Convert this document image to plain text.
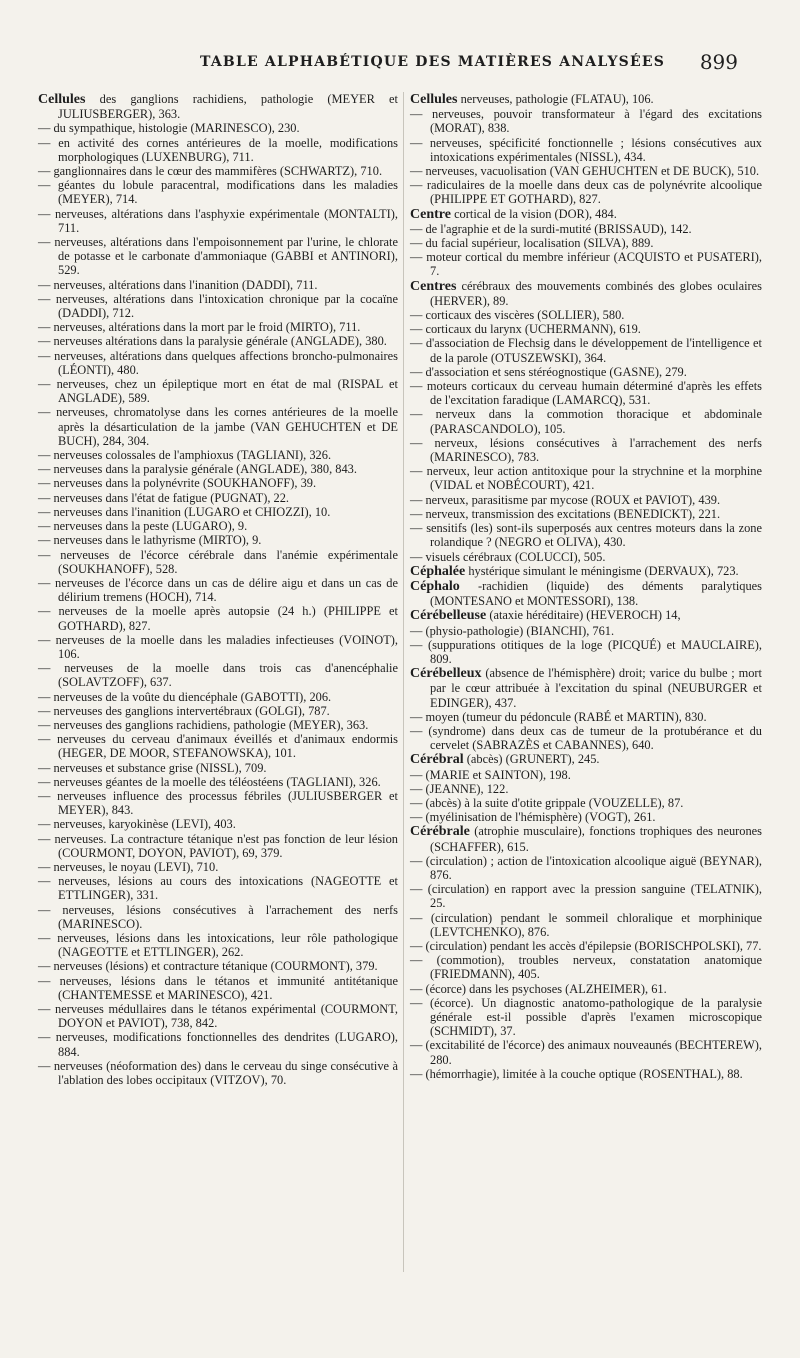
TABLE ALPHABÉTIQUE DES MATIÈRES ANALYSÉES 899

Cellules des ganglions rachidiens, pathologie (MEYER et JULIUSBERGER), 363.

— du sympathique, histologie (MARINESCO), 230.

— en activité des cornes antérieures de la moelle, modifications morphologiques (LUXENBURG), 711.

— ganglionnaires dans le cœur des mammifères (SCHWARTZ), 710.

— géantes du lobule paracentral, modifications dans les maladies (MEYER), 714.

— nerveuses, altérations dans l'asphyxie expérimentale (MONTALTI), 711.

— nerveuses, altérations dans l'empoisonnement par l'urine, le chlorate de potasse et le carbonate d'ammoniaque (GABBI et ANTINORI), 529.

— nerveuses, altérations dans l'inanition (DADDI), 711.

— nerveuses, altérations dans l'intoxication chronique par la cocaïne (DADDI), 712.

— nerveuses, altérations dans la mort par le froid (MIRTO), 711.

— nerveuses altérations dans la paralysie générale (ANGLADE), 380.

— nerveuses, altérations dans quelques affections broncho-pulmonaires (LÉONTI), 480.

— nerveuses, chez un épileptique mort en état de mal (RISPAL et ANGLADE), 589.

— nerveuses, chromatolyse dans les cornes antérieures de la moelle après la désarticulation de la jambe (VAN GEHUCHTEN et DE BUCH), 284, 304.

— nerveuses colossales de l'amphioxus (TAGLIANI), 326.

— nerveuses dans la paralysie générale (ANGLADE), 380, 843.

— nerveuses dans la polynévrite (SOUKHANOFF), 39.

— nerveuses dans l'état de fatigue (PUGNAT), 22.

— nerveuses dans l'inanition (LUGARO et CHIOZZI), 10.

— nerveuses dans la peste (LUGARO), 9.

— nerveuses dans le lathyrisme (MIRTO), 9.

— nerveuses de l'écorce cérébrale dans l'anémie expérimentale (SOUKHANOFF), 528.

— nerveuses de l'écorce dans un cas de délire aigu et dans un cas de délirium tremens (HOCH), 714.

— nerveuses de la moelle après autopsie (24 h.) (PHILIPPE et GOTHARD), 827.

— nerveuses de la moelle dans les maladies infectieuses (VOINOT), 106.

— nerveuses de la moelle dans trois cas d'anencéphalie (SOLAVTZOFF), 637.

— nerveuses de la voûte du diencéphale (GABOTTI), 206.

— nerveuses des ganglions intervertébraux (GOLGI), 787.

— nerveuses des ganglions rachidiens, pathologie (MEYER), 363.

— nerveuses du cerveau d'animaux éveillés et d'animaux endormis (HEGER, DE MOOR, STEFANOWSKA), 101.

— nerveuses et substance grise (NISSL), 709.

— nerveuses géantes de la moelle des téléostéens (TAGLIANI), 326.

— nerveuses influence des processus fébriles (JULIUSBERGER et MEYER), 843.

— nerveuses, karyokinèse (LEVI), 403.

— nerveuses. La contracture tétanique n'est pas fonction de leur lésion (COURMONT, DOYON, PAVIOT), 69, 379.

— nerveuses, le noyau (LEVI), 710.

— nerveuses, lésions au cours des intoxications (NAGEOTTE et ETTLINGER), 331.

— nerveuses, lésions consécutives à l'arrachement des nerfs (MARINESCO).

— nerveuses, lésions dans les intoxications, leur rôle pathologique (NAGEOTTE et ETTLINGER), 262.

— nerveuses (lésions) et contracture tétanique (COURMONT), 379.

— nerveuses, lésions dans le tétanos et immunité antitétanique (CHANTEMESSE et MARINESCO), 421.

— nerveuses médullaires dans le tétanos expérimental (COURMONT, DOYON et PAVIOT), 738, 842.

— nerveuses, modifications fonctionnelles des dendrites (LUGARO), 884.

— nerveuses (néoformation des) dans le cerveau du singe consécutive à l'ablation des lobes occipitaux (VITZOV), 70.

Cellules nerveuses, pathologie (FLATAU), 106.

— nerveuses, pouvoir transformateur à l'égard des excitations (MORAT), 838.

— nerveuses, spécificité fonctionnelle ; lésions consécutives aux intoxications expérimentales (NISSL), 434.

— nerveuses, vacuolisation (VAN GEHUCHTEN et DE BUCK), 510.

— radiculaires de la moelle dans deux cas de polynévrite alcoolique (PHILIPPE ET GOTHARD), 827.

Centre cortical de la vision (DOR), 484.

— de l'agraphie et de la surdi-mutité (BRISSAUD), 142.

— du facial supérieur, localisation (SILVA), 889.

— moteur cortical du membre inférieur (ACQUISTO et PUSATERI), 7.

Centres cérébraux des mouvements combinés des globes oculaires (HERVER), 89.

— corticaux des viscères (SOLLIER), 580.

— corticaux du larynx (UCHERMANN), 619.

— d'association de Flechsig dans le développement de l'intelligence et de la parole (OTUSZEWSKI), 364.

— d'association et sens stéréognostique (GASNE), 279.

— moteurs corticaux du cerveau humain déterminé d'après les effets de l'excitation faradique (LAMARCQ), 531.

— nerveux dans la commotion thoracique et abdominale (PARASCANDOLO), 105.

— nerveux, lésions consécutives à l'arrachement des nerfs (MARINESCO), 783.

— nerveux, leur action antitoxique pour la strychnine et la morphine (VIDAL et NOBÉCOURT), 421.

— nerveux, parasitisme par mycose (ROUX et PAVIOT), 439.

— nerveux, transmission des excitations (BENEDICKT), 221.

— sensitifs (les) sont-ils superposés aux centres moteurs dans la zone rolandique ? (NEGRO et OLIVA), 430.

— visuels cérébraux (COLUCCI), 505.

Céphalée hystérique simulant le méningisme (DERVAUX), 723.

Céphalo -rachidien (liquide) des déments paralytiques (MONTESANO et MONTESSORI), 138.

Cérébelleuse (ataxie héréditaire) (HEVEROCH) 14,

— (physio-pathologie) (BIANCHI), 761.

— (suppurations otitiques de la loge (PICQUÉ) et MAUCLAIRE), 809.

Cérébelleux (absence de l'hémisphère) droit; varice du bulbe ; mort par le cœur attribuée à l'excitation du spinal (NEUBURGER et EDINGER), 437.

— moyen (tumeur du pédoncule (RABÉ et MARTIN), 830.

— (syndrome) dans deux cas de tumeur de la protubérance et du cervelet (SABRAZÈS et CABANNES), 640.

Cérébral (abcès) (GRUNERT), 245.

— (MARIE et SAINTON), 198.

— (JEANNE), 122.

— (abcès) à la suite d'otite grippale (VOUZELLE), 87.

— (myélinisation de l'hémisphère) (VOGT), 261.

Cérébrale (atrophie musculaire), fonctions trophiques des neurones (SCHAFFER), 615.

— (circulation) ; action de l'intoxication alcoolique aiguë (BEYNAR), 876.

— (circulation) en rapport avec la pression sanguine (TELATNIK), 25.

— (circulation) pendant le sommeil chloralique et morphinique (LEVTCHENKO), 876.

— (circulation) pendant les accès d'épilepsie (BORISCHPOLSKI), 77.

— (commotion), troubles nerveux, constatation anatomique (FRIEDMANN), 405.

— (écorce) dans les psychoses (ALZHEIMER), 61.

— (écorce). Un diagnostic anatomo-pathologique de la paralysie générale est-il possible d'après l'examen microscopique (SCHMIDT), 37.

— (excitabilité de l'écorce) des animaux nouveaunés (BECHTEREW), 280.

— (hémorrhagie), limitée à la couche optique (ROSENTHAL), 88.
